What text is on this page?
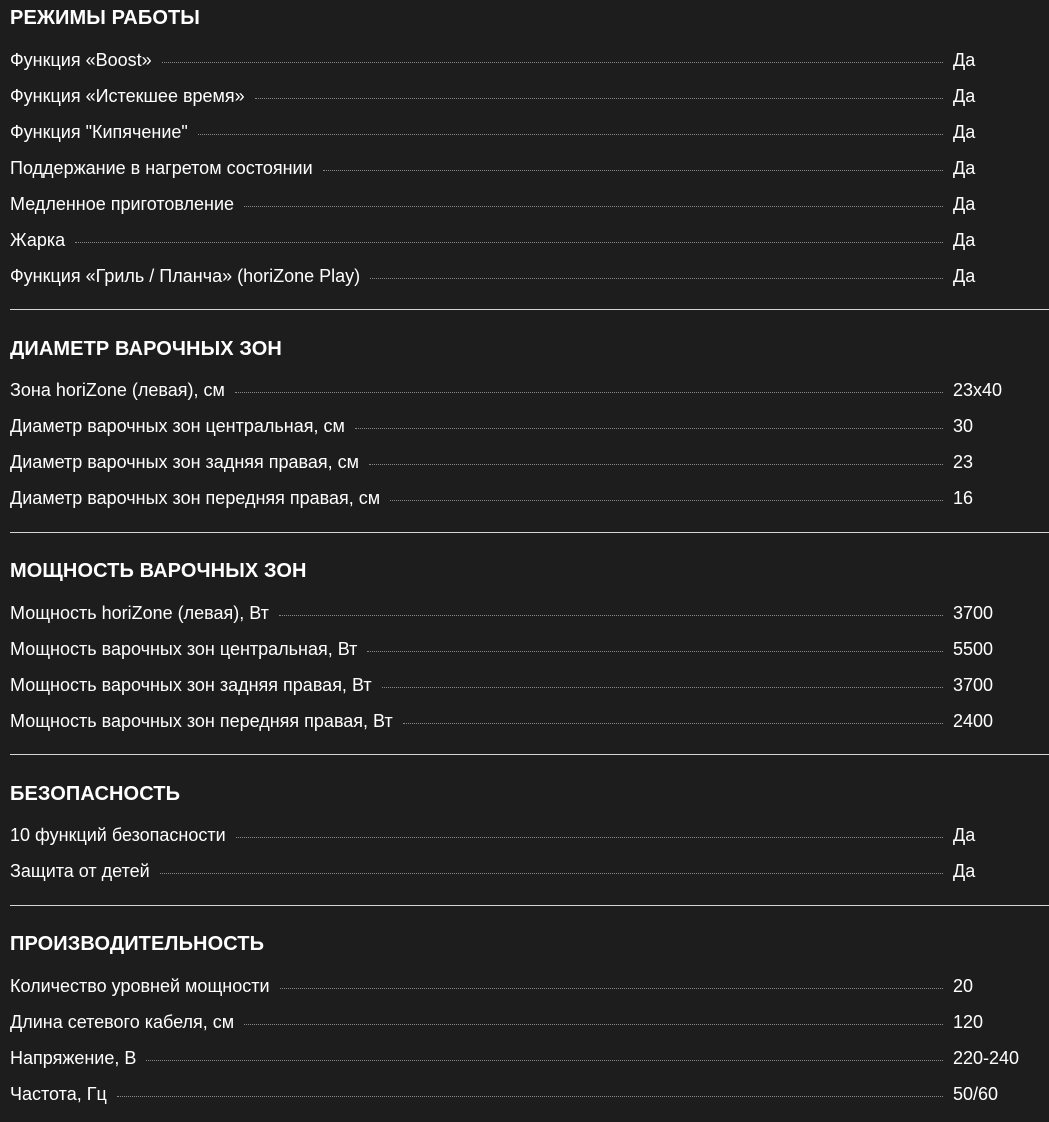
РЕЖИМЫ РАБОТЫ
Функция «Boost»	Да
Функция «Истекшее время»	Да
Функция "Кипячение"	Да
Поддержание в нагретом состоянии	Да
Медленное приготовление	Да
Жарка	Да
Функция «Гриль / Планча» (horiZone Play)	Да
ДИАМЕТР ВАРОЧНЫХ ЗОН
Зона horiZone (левая), см	23x40
Диаметр варочных зон центральная, см	30
Диаметр варочных зон задняя правая, см	23
Диаметр варочных зон передняя правая, см	16
МОЩНОСТЬ ВАРОЧНЫХ ЗОН
Мощность horiZone (левая), Вт	3700
Мощность варочных зон центральная, Вт	5500
Мощность варочных зон задняя правая, Вт	3700
Мощность варочных зон передняя правая, Вт	2400
БЕЗОПАСНОСТЬ
10 функций безопасности	Да
Защита от детей	Да
ПРОИЗВОДИТЕЛЬНОСТЬ
Количество уровней мощности	20
Длина сетевого кабеля, см	120
Напряжение, В	220-240
Частота, Гц	50/60
